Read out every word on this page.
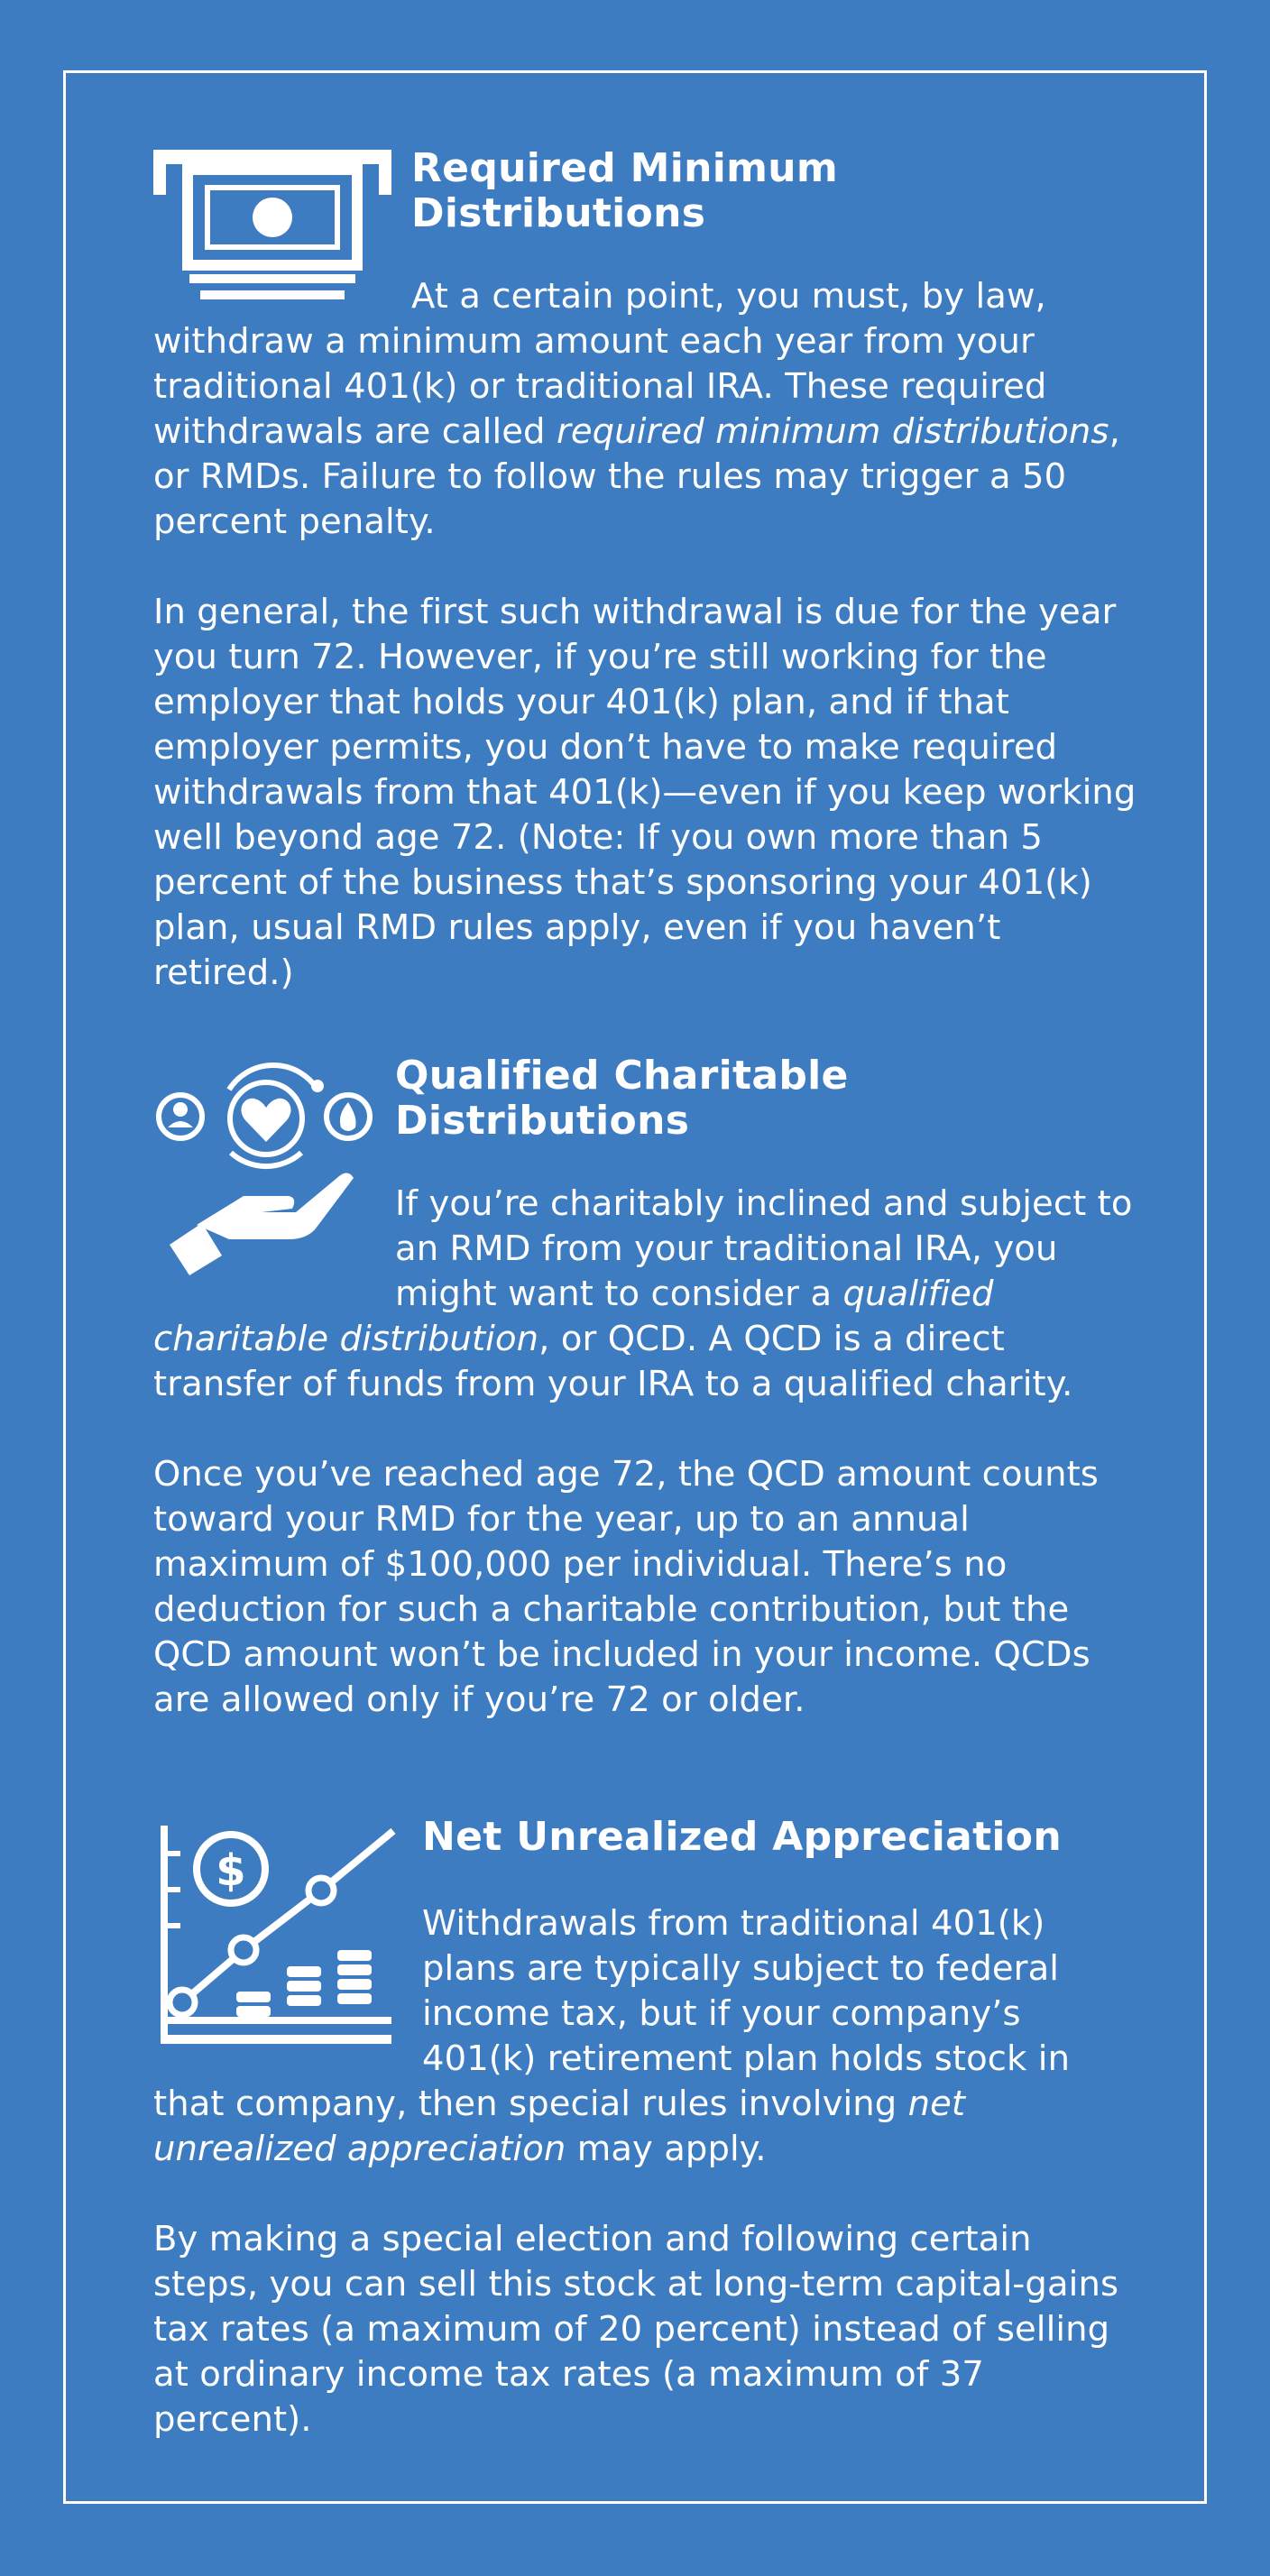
Required Minimum
Distributions

At a certain point, you must, by law, withdraw a minimum amount each year from your traditional 401(k) or traditional IRA. These required withdrawals are called required minimum distributions, or RMDs. Failure to follow the rules may trigger a 50 percent penalty.

In general, the first such withdrawal is due for the year you turn 72. However, if you’re still working for the employer that holds your 401(k) plan, and if that employer permits, you don’t have to make required withdrawals from that 401(k)—even if you keep working well beyond age 72. (Note: If you own more than 5 percent of the business that’s sponsoring your 401(k) plan, usual RMD rules apply, even if you haven’t retired.)

Qualified Charitable
Distributions

If you’re charitably inclined and subject to an RMD from your traditional IRA, you might want to consider a qualified charitable distribution, or QCD. A QCD is a direct transfer of funds from your IRA to a qualified charity.

Once you’ve reached age 72, the QCD amount counts toward your RMD for the year, up to an annual maximum of $100,000 per individual. There’s no deduction for such a charitable contribution, but the QCD amount won’t be included in your income. QCDs are allowed only if you’re 72 or older.

$
Net Unrealized Appreciation

Withdrawals from traditional 401(k) plans are typically subject to federal income tax, but if your company’s 401(k) retirement plan holds stock in that company, then special rules involving net unrealized appreciation may apply.

By making a special election and following certain steps, you can sell this stock at long-term capital-gains tax rates (a maximum of 20 percent) instead of selling at ordinary income tax rates (a maximum of 37 percent).
